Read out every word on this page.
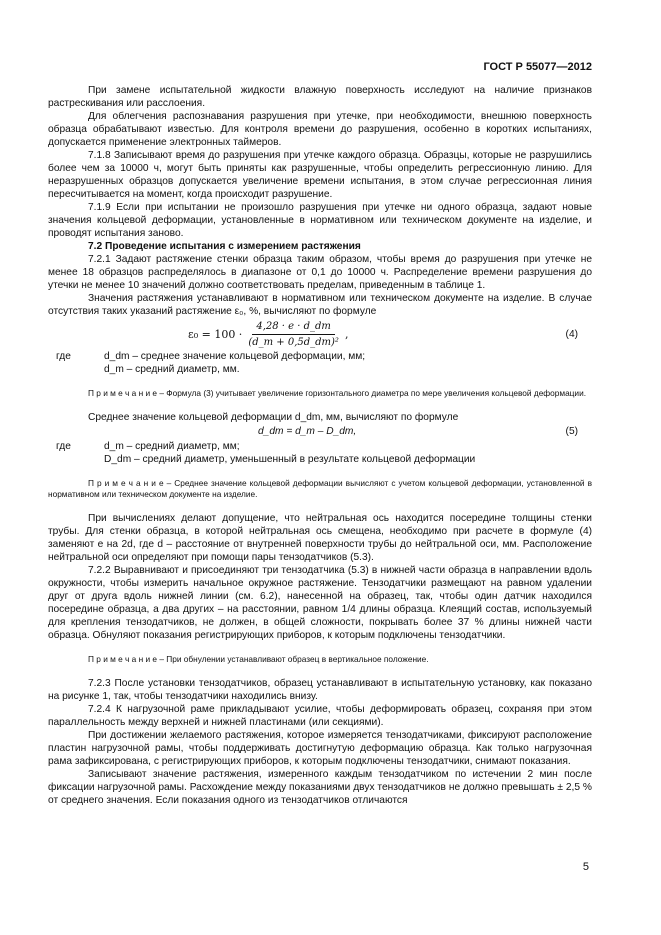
ГОСТ Р 55077—2012

При замене испытательной жидкости влажную поверхность исследуют на наличие признаков растрескивания или расслоения.

Для облегчения распознавания разрушения при утечке, при необходимости, внешнюю поверхность образца обрабатывают известью. Для контроля времени до разрушения, особенно в коротких испытаниях, допускается применение электронных таймеров.

7.1.8 Записывают время до разрушения при утечке каждого образца. Образцы, которые не разрушились более чем за 10000 ч, могут быть приняты как разрушенные, чтобы определить регрессионную линию. Для неразрушенных образцов допускается увеличение времени испытания, в этом случае регрессионная линия пересчитывается на момент, когда происходит разрушение.

7.1.9 Если при испытании не произошло разрушения при утечке ни одного образца, задают новые значения кольцевой деформации, установленные в нормативном или техническом документе на изделие, и проводят испытания заново.

7.2 Проведение испытания с измерением растяжения

7.2.1 Задают растяжение стенки образца таким образом, чтобы время до разрушения при утечке не менее 18 образцов распределялось в диапазоне от 0,1 до 10000 ч. Распределение времени разрушения до утечки не менее 10 значений должно соответствовать пределам, приведенным в таблице 1.

Значения растяжения устанавливают в нормативном или техническом документе на изделие. В случае отсутствия таких указаний растяжение ε₀, %, вычисляют по формуле

$\varepsilon_0 = 100 \cdot \frac{4,28 \cdot e \cdot d\_dm}{\text{(d\_m + 0,5d\_dm)²}}$ ,	(4)
где	d_dm – среднее значение кольцевой деформации, мм;
d_m – средний диаметр, мм.

П р и м е ч а н и е – Формула (3) учитывает увеличение горизонтального диаметра по мере увеличения кольцевой деформации.

Среднее значение кольцевой деформации d_dm, мм, вычисляют по формуле

d_dm = d_m – D_dm,	(5)
где	d_m – средний диаметр, мм;
D_dm – средний диаметр, уменьшенный в результате кольцевой деформации

П р и м е ч а н и е – Среднее значение кольцевой деформации вычисляют с учетом кольцевой деформации, установленной в нормативном или техническом документе на изделие.

При вычислениях делают допущение, что нейтральная ось находится посередине толщины стенки трубы. Для стенки образца, в которой нейтральная ось смещена, необходимо при расчете в формуле (4) заменяют e на 2d, где d – расстояние от внутренней поверхности трубы до нейтральной оси, мм. Расположение нейтральной оси определяют при помощи пары тензодатчиков (5.3).

7.2.2 Выравнивают и присоединяют три тензодатчика (5.3) в нижней части образца в направлении вдоль окружности, чтобы измерить начальное окружное растяжение. Тензодатчики размещают на равном удалении друг от друга вдоль нижней линии (см. 6.2), нанесенной на образец, так, чтобы один датчик находился посередине образца, а два других – на расстоянии, равном 1/4 длины образца. Клеящий состав, используемый для крепления тензодатчиков, не должен, в общей сложности, покрывать более 37 % длины нижней части образца. Обнуляют показания регистрирующих приборов, к которым подключены тензодатчики.

П р и м е ч а н и е – При обнулении устанавливают образец в вертикальное положение.

7.2.3 После установки тензодатчиков, образец устанавливают в испытательную установку, как показано на рисунке 1, так, чтобы тензодатчики находились внизу.

7.2.4 К нагрузочной раме прикладывают усилие, чтобы деформировать образец, сохраняя при этом параллельность между верхней и нижней пластинами (или секциями).

При достижении желаемого растяжения, которое измеряется тензодатчиками, фиксируют расположение пластин нагрузочной рамы, чтобы поддерживать достигнутую деформацию образца. Как только нагрузочная рама зафиксирована, с регистрирующих приборов, к которым подключены тензодатчики, снимают показания.

Записывают значение растяжения, измеренного каждым тензодатчиком по истечении 2 мин после фиксации нагрузочной рамы. Расхождение между показаниями двух тензодатчиков не должно превышать ± 2,5 % от среднего значения. Если показания одного из тензодатчиков отличаются

5
